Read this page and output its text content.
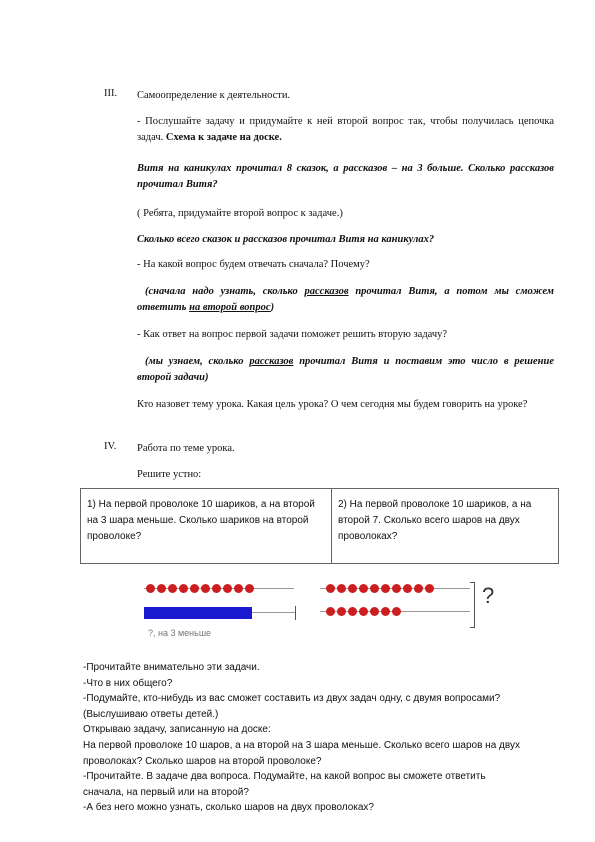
III. Самоопределение к деятельности.
- Послушайте задачу и придумайте к ней второй вопрос так, чтобы получилась цепочка задач. Схема к задаче на доске.
Витя на каникулах прочитал 8 сказок, а рассказов – на 3 больше. Сколько рассказов прочитал Витя?
( Ребята, придумайте второй вопрос к задаче.)
Сколько всего сказок и рассказов прочитал Витя на каникулах?
- На какой вопрос будем отвечать сначала? Почему?
(сначала надо узнать, сколько рассказов прочитал Витя, а потом мы сможем ответить на второй вопрос)
- Как ответ на вопрос первой задачи поможет решить вторую задачу?
(мы узнаем, сколько рассказов прочитал Витя и поставим это число в решение второй задачи)
Кто назовет тему урока. Какая цель урока? О чем сегодня мы будем говорить на уроке?
IV. Работа по теме урока.
Решите устно:
1) На первой проволоке 10 шариков, а на второй на 3 шара меньше. Сколько шариков на второй проволоке?
2) На первой проволоке 10 шариков, а на второй 7. Сколько всего шаров на двух проволоках?
?, на 3 меньше
?
-Прочитайте внимательно эти задачи.
-Что в них общего?
-Подумайте, кто-нибудь из вас сможет составить из двух задач одну, с двумя вопросами?
(Выслушиваю ответы детей.)
Открываю задачу, записанную на доске:
На первой проволоке 10 шаров, а на второй на 3 шара меньше. Сколько всего шаров на двух
проволоках? Сколько шаров на второй проволоке?
-Прочитайте. В задаче два вопроса. Подумайте, на какой вопрос вы сможете ответить
сначала, на первый или на второй?
-А без него можно узнать, сколько шаров на двух проволоках?
